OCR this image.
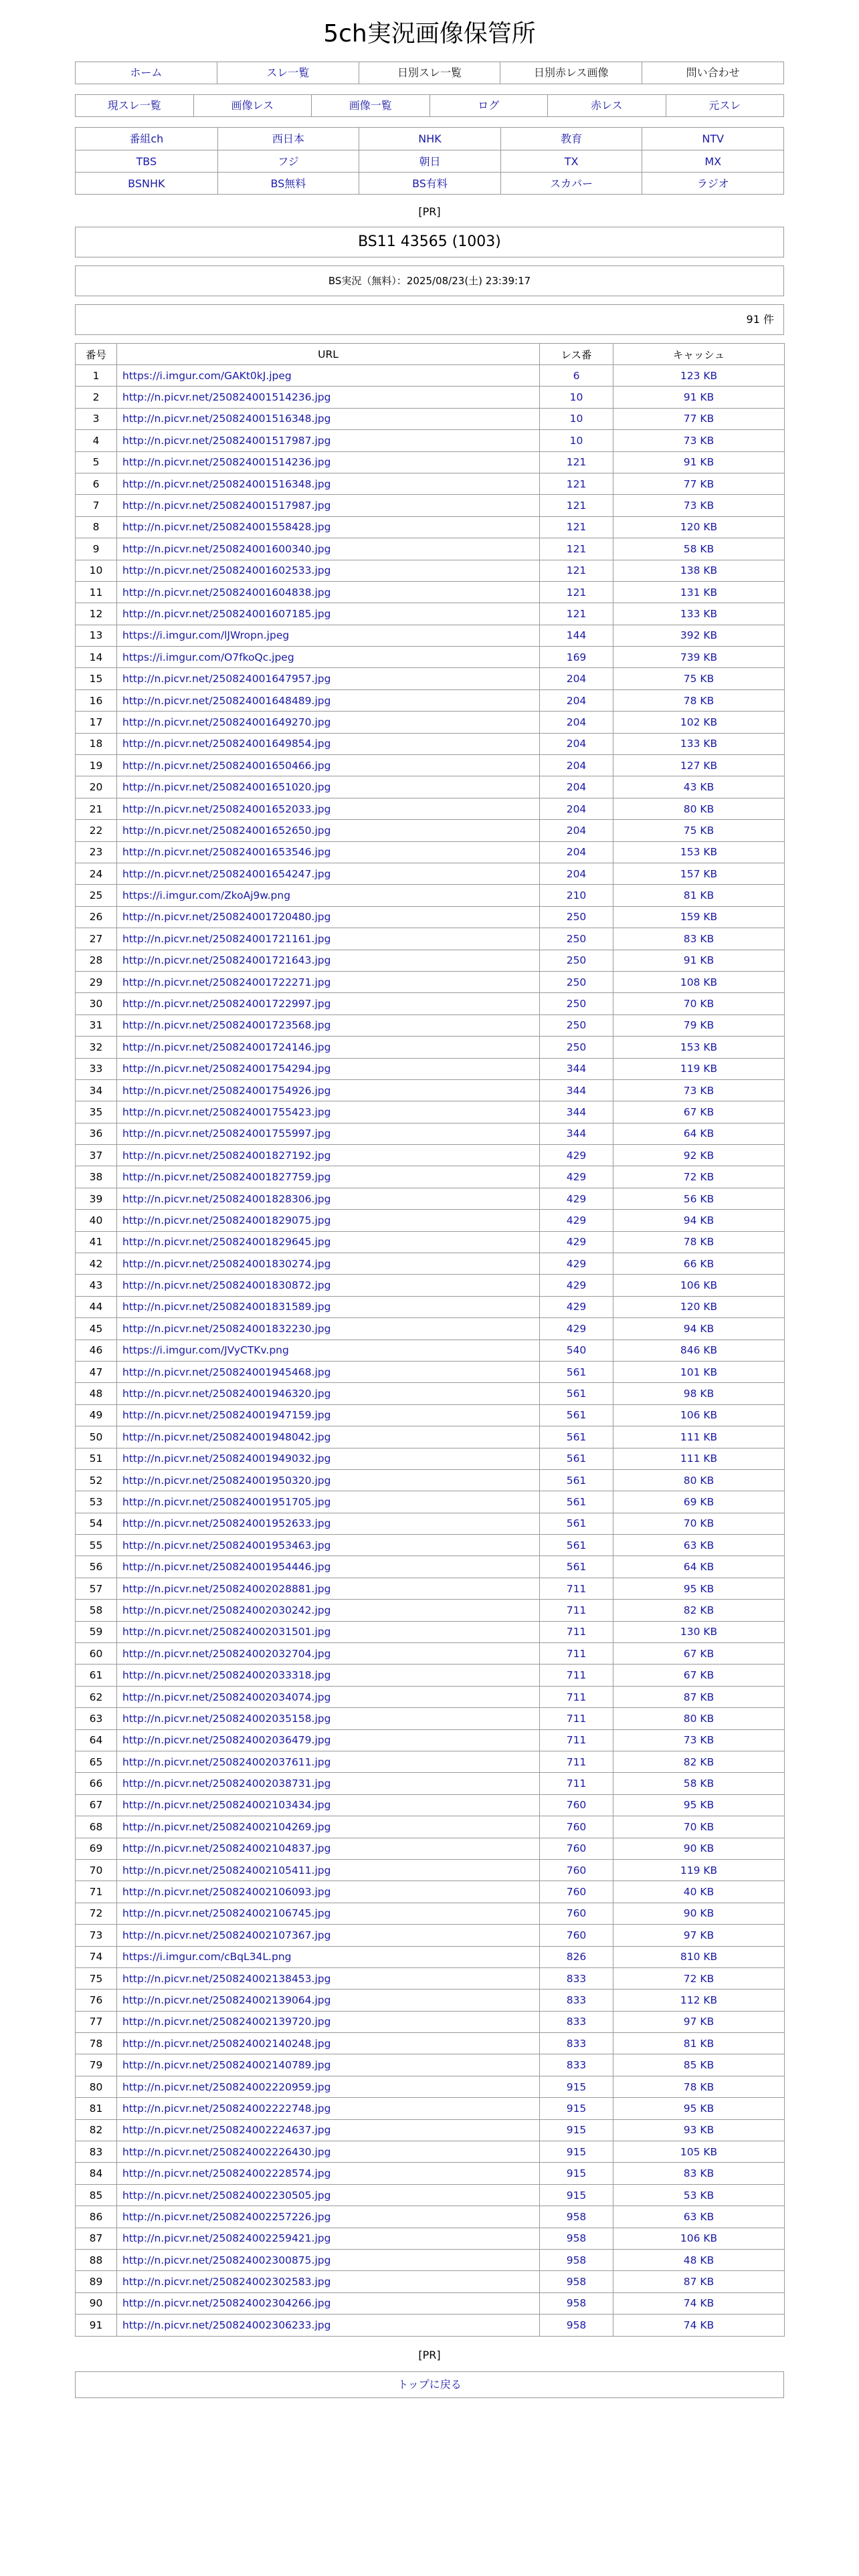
5ch実況画像保管所
ホーム	スレ一覧	日別スレ一覧	日別赤レス画像	問い合わせ
現スレ一覧	画像レス	画像一覧	ログ	赤レス	元スレ
番組ch	西日本	NHK	教育	NTV
TBS	フジ	朝日	TX	MX
BSNHK	BS無料	BS有料	スカパー	ラジオ
[PR]
BS11 43565 (1003)
BS実況（無料）：2025/08/23(土) 23:39:17
91 件
番号	URL	レス番	キャッシュ
1	https://i.imgur.com/GAKt0kJ.jpeg	6	123 KB
2	http://n.picvr.net/250824001514236.jpg	10	91 KB
3	http://n.picvr.net/250824001516348.jpg	10	77 KB
4	http://n.picvr.net/250824001517987.jpg	10	73 KB
5	http://n.picvr.net/250824001514236.jpg	121	91 KB
6	http://n.picvr.net/250824001516348.jpg	121	77 KB
7	http://n.picvr.net/250824001517987.jpg	121	73 KB
8	http://n.picvr.net/250824001558428.jpg	121	120 KB
9	http://n.picvr.net/250824001600340.jpg	121	58 KB
10	http://n.picvr.net/250824001602533.jpg	121	138 KB
11	http://n.picvr.net/250824001604838.jpg	121	131 KB
12	http://n.picvr.net/250824001607185.jpg	121	133 KB
13	https://i.imgur.com/lJWropn.jpeg	144	392 KB
14	https://i.imgur.com/O7fkoQc.jpeg	169	739 KB
15	http://n.picvr.net/250824001647957.jpg	204	75 KB
16	http://n.picvr.net/250824001648489.jpg	204	78 KB
17	http://n.picvr.net/250824001649270.jpg	204	102 KB
18	http://n.picvr.net/250824001649854.jpg	204	133 KB
19	http://n.picvr.net/250824001650466.jpg	204	127 KB
20	http://n.picvr.net/250824001651020.jpg	204	43 KB
21	http://n.picvr.net/250824001652033.jpg	204	80 KB
22	http://n.picvr.net/250824001652650.jpg	204	75 KB
23	http://n.picvr.net/250824001653546.jpg	204	153 KB
24	http://n.picvr.net/250824001654247.jpg	204	157 KB
25	https://i.imgur.com/ZkoAj9w.png	210	81 KB
26	http://n.picvr.net/250824001720480.jpg	250	159 KB
27	http://n.picvr.net/250824001721161.jpg	250	83 KB
28	http://n.picvr.net/250824001721643.jpg	250	91 KB
29	http://n.picvr.net/250824001722271.jpg	250	108 KB
30	http://n.picvr.net/250824001722997.jpg	250	70 KB
31	http://n.picvr.net/250824001723568.jpg	250	79 KB
32	http://n.picvr.net/250824001724146.jpg	250	153 KB
33	http://n.picvr.net/250824001754294.jpg	344	119 KB
34	http://n.picvr.net/250824001754926.jpg	344	73 KB
35	http://n.picvr.net/250824001755423.jpg	344	67 KB
36	http://n.picvr.net/250824001755997.jpg	344	64 KB
37	http://n.picvr.net/250824001827192.jpg	429	92 KB
38	http://n.picvr.net/250824001827759.jpg	429	72 KB
39	http://n.picvr.net/250824001828306.jpg	429	56 KB
40	http://n.picvr.net/250824001829075.jpg	429	94 KB
41	http://n.picvr.net/250824001829645.jpg	429	78 KB
42	http://n.picvr.net/250824001830274.jpg	429	66 KB
43	http://n.picvr.net/250824001830872.jpg	429	106 KB
44	http://n.picvr.net/250824001831589.jpg	429	120 KB
45	http://n.picvr.net/250824001832230.jpg	429	94 KB
46	https://i.imgur.com/JVyCTKv.png	540	846 KB
47	http://n.picvr.net/250824001945468.jpg	561	101 KB
48	http://n.picvr.net/250824001946320.jpg	561	98 KB
49	http://n.picvr.net/250824001947159.jpg	561	106 KB
50	http://n.picvr.net/250824001948042.jpg	561	111 KB
51	http://n.picvr.net/250824001949032.jpg	561	111 KB
52	http://n.picvr.net/250824001950320.jpg	561	80 KB
53	http://n.picvr.net/250824001951705.jpg	561	69 KB
54	http://n.picvr.net/250824001952633.jpg	561	70 KB
55	http://n.picvr.net/250824001953463.jpg	561	63 KB
56	http://n.picvr.net/250824001954446.jpg	561	64 KB
57	http://n.picvr.net/250824002028881.jpg	711	95 KB
58	http://n.picvr.net/250824002030242.jpg	711	82 KB
59	http://n.picvr.net/250824002031501.jpg	711	130 KB
60	http://n.picvr.net/250824002032704.jpg	711	67 KB
61	http://n.picvr.net/250824002033318.jpg	711	67 KB
62	http://n.picvr.net/250824002034074.jpg	711	87 KB
63	http://n.picvr.net/250824002035158.jpg	711	80 KB
64	http://n.picvr.net/250824002036479.jpg	711	73 KB
65	http://n.picvr.net/250824002037611.jpg	711	82 KB
66	http://n.picvr.net/250824002038731.jpg	711	58 KB
67	http://n.picvr.net/250824002103434.jpg	760	95 KB
68	http://n.picvr.net/250824002104269.jpg	760	70 KB
69	http://n.picvr.net/250824002104837.jpg	760	90 KB
70	http://n.picvr.net/250824002105411.jpg	760	119 KB
71	http://n.picvr.net/250824002106093.jpg	760	40 KB
72	http://n.picvr.net/250824002106745.jpg	760	90 KB
73	http://n.picvr.net/250824002107367.jpg	760	97 KB
74	https://i.imgur.com/cBqL34L.png	826	810 KB
75	http://n.picvr.net/250824002138453.jpg	833	72 KB
76	http://n.picvr.net/250824002139064.jpg	833	112 KB
77	http://n.picvr.net/250824002139720.jpg	833	97 KB
78	http://n.picvr.net/250824002140248.jpg	833	81 KB
79	http://n.picvr.net/250824002140789.jpg	833	85 KB
80	http://n.picvr.net/250824002220959.jpg	915	78 KB
81	http://n.picvr.net/250824002222748.jpg	915	95 KB
82	http://n.picvr.net/250824002224637.jpg	915	93 KB
83	http://n.picvr.net/250824002226430.jpg	915	105 KB
84	http://n.picvr.net/250824002228574.jpg	915	83 KB
85	http://n.picvr.net/250824002230505.jpg	915	53 KB
86	http://n.picvr.net/250824002257226.jpg	958	63 KB
87	http://n.picvr.net/250824002259421.jpg	958	106 KB
88	http://n.picvr.net/250824002300875.jpg	958	48 KB
89	http://n.picvr.net/250824002302583.jpg	958	87 KB
90	http://n.picvr.net/250824002304266.jpg	958	74 KB
91	http://n.picvr.net/250824002306233.jpg	958	74 KB
[PR]
トップに戻る
